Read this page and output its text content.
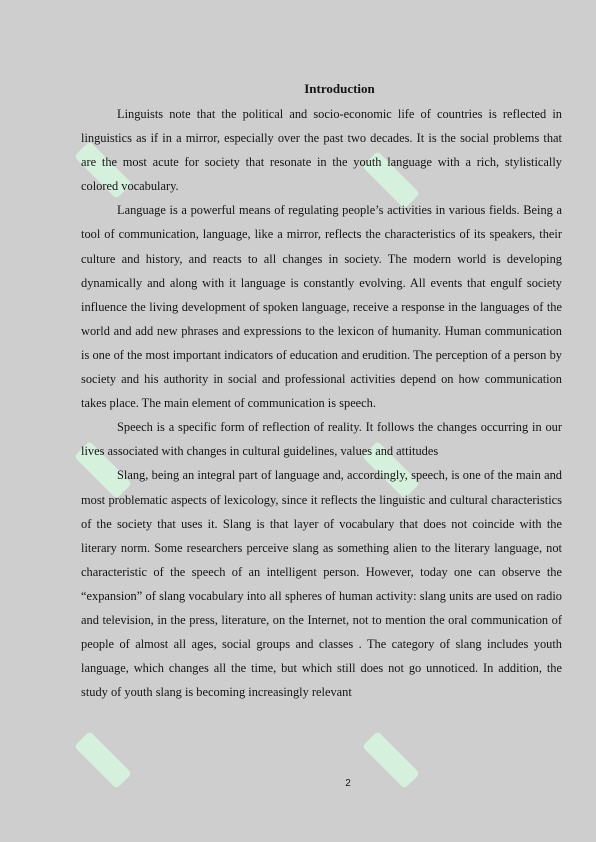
Introduction

Linguists note that the political and socio-economic life of countries is reflected in linguistics as if in a mirror, especially over the past two decades. It is the social problems that are the most acute for society that resonate in the youth language with a rich, stylistically colored vocabulary.

Language is a powerful means of regulating people’s activities in various fields. Being a tool of communication, language, like a mirror, reflects the characteristics of its speakers, their culture and history, and reacts to all changes in society. The modern world is developing dynamically and along with it language is constantly evolving. All events that engulf society influence the living development of spoken language, receive a response in the languages of the world and add new phrases and expressions to the lexicon of humanity. Human communication is one of the most important indicators of education and erudition. The perception of a person by society and his authority in social and professional activities depend on how communication takes place. The main element of communication is speech.

Speech is a specific form of reflection of reality. It follows the changes occurring in our lives associated with changes in cultural guidelines, values and attitudes

Slang, being an integral part of language and, accordingly, speech, is one of the main and most problematic aspects of lexicology, since it reflects the linguistic and cultural characteristics of the society that uses it. Slang is that layer of vocabulary that does not coincide with the literary norm. Some researchers perceive slang as something alien to the literary language, not characteristic of the speech of an intelligent person. However, today one can observe the “expansion” of slang vocabulary into all spheres of human activity: slang units are used on radio and television, in the press, literature, on the Internet, not to mention the oral communication of people of almost all ages, social groups and classes . The category of slang includes youth language, which changes all the time, but which still does not go unnoticed. In addition, the study of youth slang is becoming increasingly relevant

2
